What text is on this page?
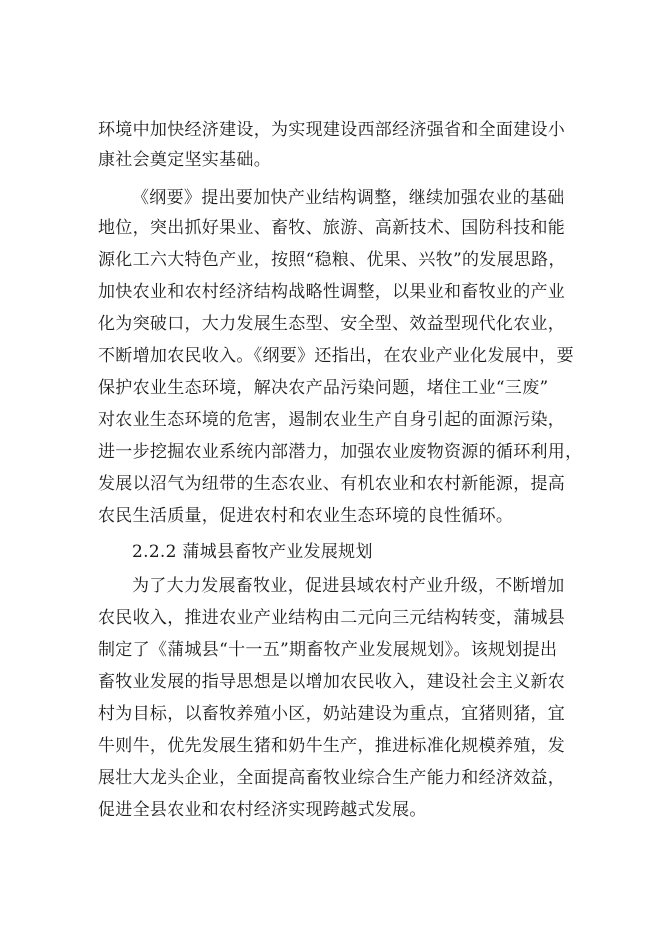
环境中加快经济建设，为实现建设西部经济强省和全面建设小
康社会奠定坚实基础。
《纲要》提出要加快产业结构调整，继续加强农业的基础
地位，突出抓好果业、畜牧、旅游、高新技术、国防科技和能
源化工六大特色产业，按照“稳粮、优果、兴牧”的发展思路，
加快农业和农村经济结构战略性调整，以果业和畜牧业的产业
化为突破口，大力发展生态型、安全型、效益型现代化农业，
不断增加农民收入。《纲要》还指出，在农业产业化发展中，要
保护农业生态环境，解决农产品污染问题，堵住工业“三废”
对农业生态环境的危害，遏制农业生产自身引起的面源污染，
进一步挖掘农业系统内部潜力，加强农业废物资源的循环利用，
发展以沼气为纽带的生态农业、有机农业和农村新能源，提高
农民生活质量，促进农村和农业生态环境的良性循环。
2.2.2 蒲城县畜牧产业发展规划
为了大力发展畜牧业，促进县域农村产业升级，不断增加
农民收入，推进农业产业结构由二元向三元结构转变，蒲城县
制定了《蒲城县“十一五”期畜牧产业发展规划》。该规划提出
畜牧业发展的指导思想是以增加农民收入，建设社会主义新农
村为目标，以畜牧养殖小区，奶站建设为重点，宜猪则猪，宜
牛则牛，优先发展生猪和奶牛生产，推进标准化规模养殖，发
展壮大龙头企业，全面提高畜牧业综合生产能力和经济效益，
促进全县农业和农村经济实现跨越式发展。
